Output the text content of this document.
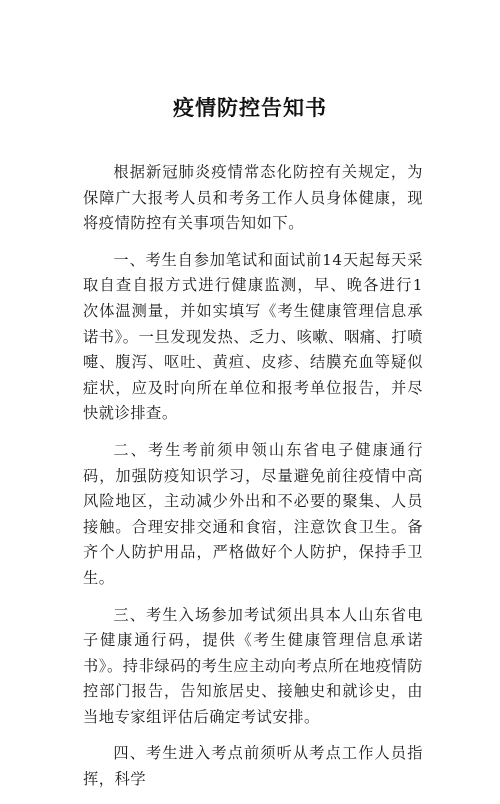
疫情防控告知书

根据新冠肺炎疫情常态化防控有关规定，为保障广大报考人员和考务工作人员身体健康，现将疫情防控有关事项告知如下。

一、考生自参加笔试和面试前14天起每天采取自查自报方式进行健康监测，早、晚各进行1次体温测量，并如实填写《考生健康管理信息承诺书》。一旦发现发热、乏力、咳嗽、咽痛、打喷嚏、腹泻、呕吐、黄疸、皮疹、结膜充血等疑似症状，应及时向所在单位和报考单位报告，并尽快就诊排查。

二、考生考前须申领山东省电子健康通行码，加强防疫知识学习，尽量避免前往疫情中高风险地区，主动减少外出和不必要的聚集、人员接触。合理安排交通和食宿，注意饮食卫生。备齐个人防护用品，严格做好个人防护，保持手卫生。

三、考生入场参加考试须出具本人山东省电子健康通行码，提供《考生健康管理信息承诺书》。持非绿码的考生应主动向考点所在地疫情防控部门报告，告知旅居史、接触史和就诊史，由当地专家组评估后确定考试安排。

四、考生进入考点前须听从考点工作人员指挥，科学
